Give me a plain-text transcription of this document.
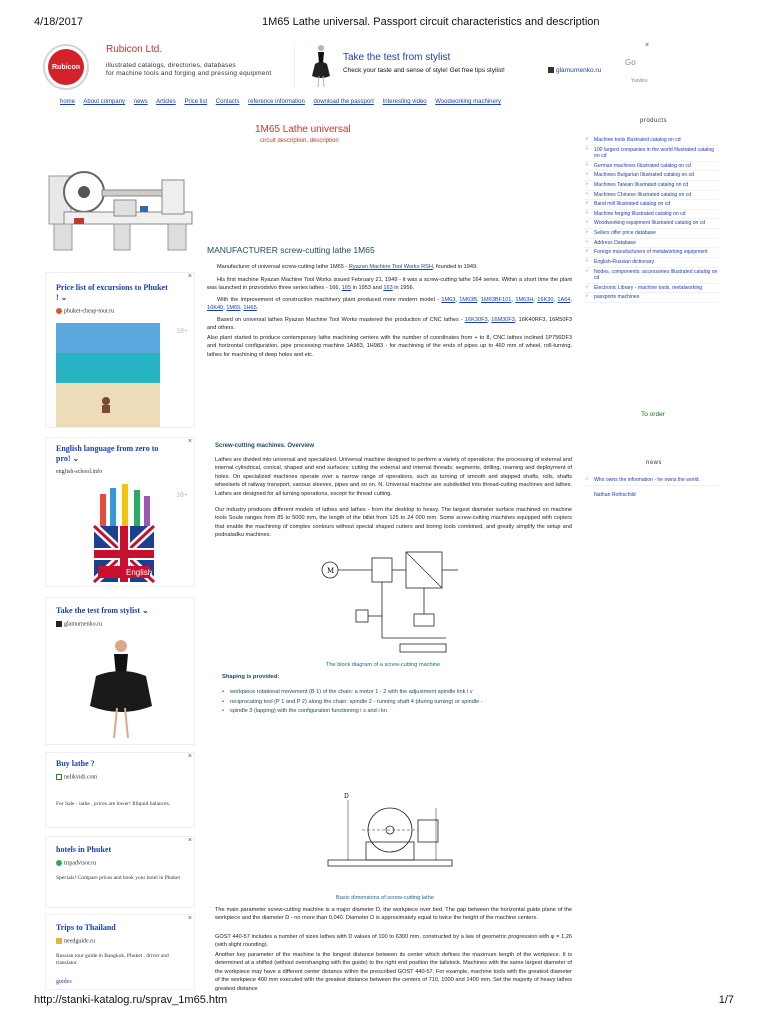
4/18/2017	1M65 Lathe universal. Passport circuit characteristics and description
Rubicon
Rubicon Ltd.
illustrated catalogs, directories, databases
for machine tools and forging and pressing equipment
Take the test from stylist
Check your taste and sense of style! Get free tips stylist!	glamurnenko.ru
Go
Yandex
×
home About company news Articles Price list Contacts reference information download the passport Interesting video Woodworking machinery
1M65 Lathe universal
circuit description, description
MANUFACTURER screw-cutting lathe 1M65
Manufacturer of universal screw-cutting lathe 1M65 - Ryazan Machine Tool Works RSH, founded in 1949.
His first machine Ryazan Machine Tool Works issued February 21, 1949 - it was a screw-cutting lathe 164 series. Within a short time the plant was launched in prizvodstvo three series lathes - 166, 165 in 1953 and 163 in 1956.
With the improvement of construction machinery plant produced more modern model - 1M63, 1M63B, 1M63BF101, 1M63H, 16K30, 1A64, 16K40, 1M65, 1H65.
Based on universal lathes Ryazan Machine Tool Works mastered the production of CNC lathes - 16K30F3, 16M30F3, 16K40RF3, 16R50F3 and others.
Also plant started to produce contemporary lathe machining centers with the number of coordinates from + to 8, CNC lathes inclined 1P756DF3 and horizontal configuration, pipe processing machine 1A983, 1H983 - for machining of the ends of pipes up to 460 mm of wheel, roll-turning, lathes for machining of deep holes and etc.
×
Price list of excursions to Phuket
! ⌄
phuket-cheap-tour.ru
18+
×
English language from zero to
pro! ⌄
english-school.info
18+
English
Take the test from stylist ⌄
glamurnenko.ru
×
Buy lathe ?
nelikvidi.com
For Sale - lathe , prices are lower! Illiquid balances.
×
hotels in Phuket
tripadvisor.ru
Specials! Compare prices and book your hotel in Phuket
×
Trips to Thailand
needguide.ru
Russian tour guide in Bangkok, Phuket , driver and translator.
guides
products
› Machine tools Illustrated catalog on cd
› 100 largest companies in the world Illustrated catalog on cd
› German machines Illustrated catalog on cd
› Machines Bulgarian Illustrated catalog on cd
› Machines Taiwan Illustrated catalog on cd
› Machines Chinese Illustrated catalog on cd
› Band mill Illustrated catalog on cd
› Machine forging Illustrated catalog on cd
› Woodworking equipment Illustrated catalog on cd
› Sellers offer price database
› Address Database
› Foreign manufacturers of metalworking equipment
› English-Russian dictionary
› Nodes, components, accessories Illustrated catalog on cd
› Electronic Library - machine tools, metalworking
› passports machines
news
› Who owns the information - he owns the world.
Nathan Rothschild
To order
Screw-cutting machines. Overview
Lathes are divided into universal and specialized. Universal machine designed to perform a variety of operations: the processing of external and internal cylindrical, conical, shaped and end surfaces; cutting the external and internal threads; segments, drilling, reaming and deployment of holes. On specialized machines operate over a narrow range of operations, such as turning of smooth and stepped shafts, rolls, shafts wheelsets of railway transport, various sleeves, pipes and so on. N. Universal machine are subdivided into thread-cutting machines and lathes. Lathes are designed for all turning operations, except for thread cutting.
Our industry produces different models of lathes and lathes - from the desktop to heavy. The largest diameter surface machined on machine tools Soule ranges from 85 to 5000 mm, the length of the billet from 125 to 24 000 mm. Some screw-cutting machines equipped with copiers that enable the machining of complex contours without special shaped cutters and boring tools combined, and greatly simplify the setup and podnaladku machines.
M
The block diagram of a screw-cutting machine
Shaping is provided:
• workpiece rotational movement (B 1) of the chain: a motor 1 - 2 with the adjustment spindle link i v
• reciprocating tool (P 1 and P 2) along the chain: spindle 2 - running shaft 4 (during turning) or spindle -
• spindle 3 (lapping) with the configuration functioning i s and i kn
D
Basic dimensions of screw-cutting lathe
The main parameter screw-cutting machine is a major diameter D, the workpiece over bed. The gap between the horizontal guide plane of the workpiece and the diameter D - no more than 0,040. Diameter D is approximately equal to twice the height of the machine centers.
GOST 440-57 includes a number of sizes lathes with D values of 100 to 6300 mm, constructed by a law of geometric progression with φ = 1,26 (with slight rounding).
Another key parameter of the machine is the longest distance between its center which defines the maximum length of the workpiece. It is determined at a shifted (without overshanging with the guide) to the right end position the tailstock. Machines with the same largest diameter of the workpiece may have a different center distance within the prescribed GOST 440-57. For example, machine tools with the greatest diameter of the workpiece 400 mm executed with the greatest distance between the centers of 710, 1000 and 1400 mm. Set the majority of heavy lathes greatest distance
http://stanki-katalog.ru/sprav_1m65.htm	1/7
